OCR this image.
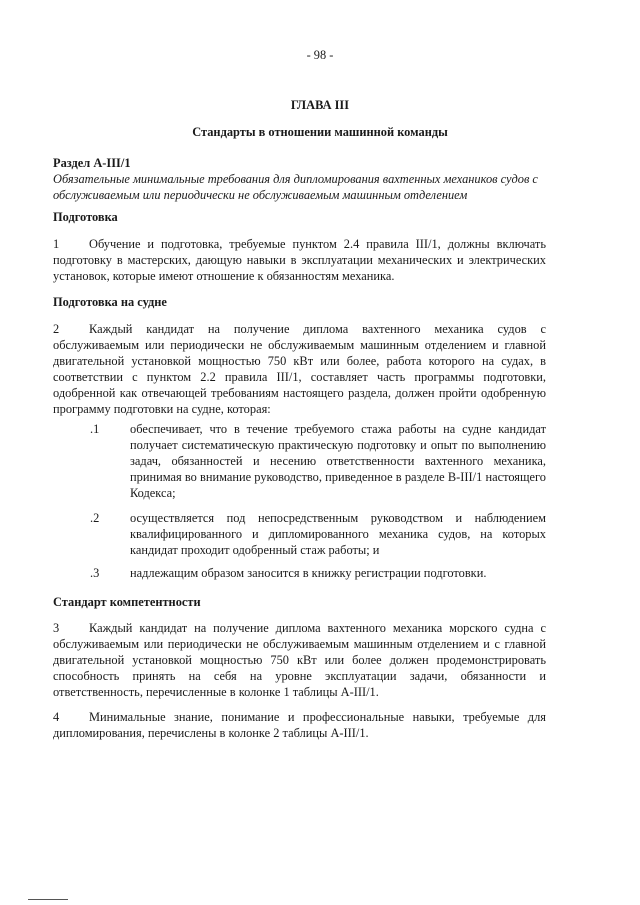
- 98 -
ГЛАВА III
Стандарты в отношении машинной команды
Раздел A-III/1
Обязательные минимальные требования для дипломирования вахтенных механиков судов с обслуживаемым или периодически не обслуживаемым машинным отделением
Подготовка
1 Обучение и подготовка, требуемые пунктом 2.4 правила III/1, должны включать подготовку в мастерских, дающую навыки в эксплуатации механических и электрических установок, которые имеют отношение к обязанностям механика.
Подготовка на судне
2 Каждый кандидат на получение диплома вахтенного механика судов с обслуживаемым или периодически не обслуживаемым машинным отделением и главной двигательной установкой мощностью 750 кВт или более, работа которого на судах, в соответствии с пунктом 2.2 правила III/1, составляет часть программы подготовки, одобренной как отвечающей требованиям настоящего раздела, должен пройти одобренную программу подготовки на судне, которая:
.1	обеспечивает, что в течение требуемого стажа работы на судне кандидат получает систематическую практическую подготовку и опыт по выполнению задач, обязанностей и несению ответственности вахтенного механика, принимая во внимание руководство, приведенное в разделе B-III/1 настоящего Кодекса;
.2	осуществляется под непосредственным руководством и наблюдением квалифицированного и дипломированного механика судов, на которых кандидат проходит одобренный стаж работы; и
.3	надлежащим образом заносится в книжку регистрации подготовки.
Стандарт компетентности
3 Каждый кандидат на получение диплома вахтенного механика морского судна с обслуживаемым или периодически не обслуживаемым машинным отделением и с главной двигательной установкой мощностью 750 кВт или более должен продемонстрировать способность принять на себя на уровне эксплуатации задачи, обязанности и ответственность, перечисленные в колонке 1 таблицы A-III/1.
4 Минимальные знание, понимание и профессиональные навыки, требуемые для дипломирования, перечислены в колонке 2 таблицы A-III/1.
